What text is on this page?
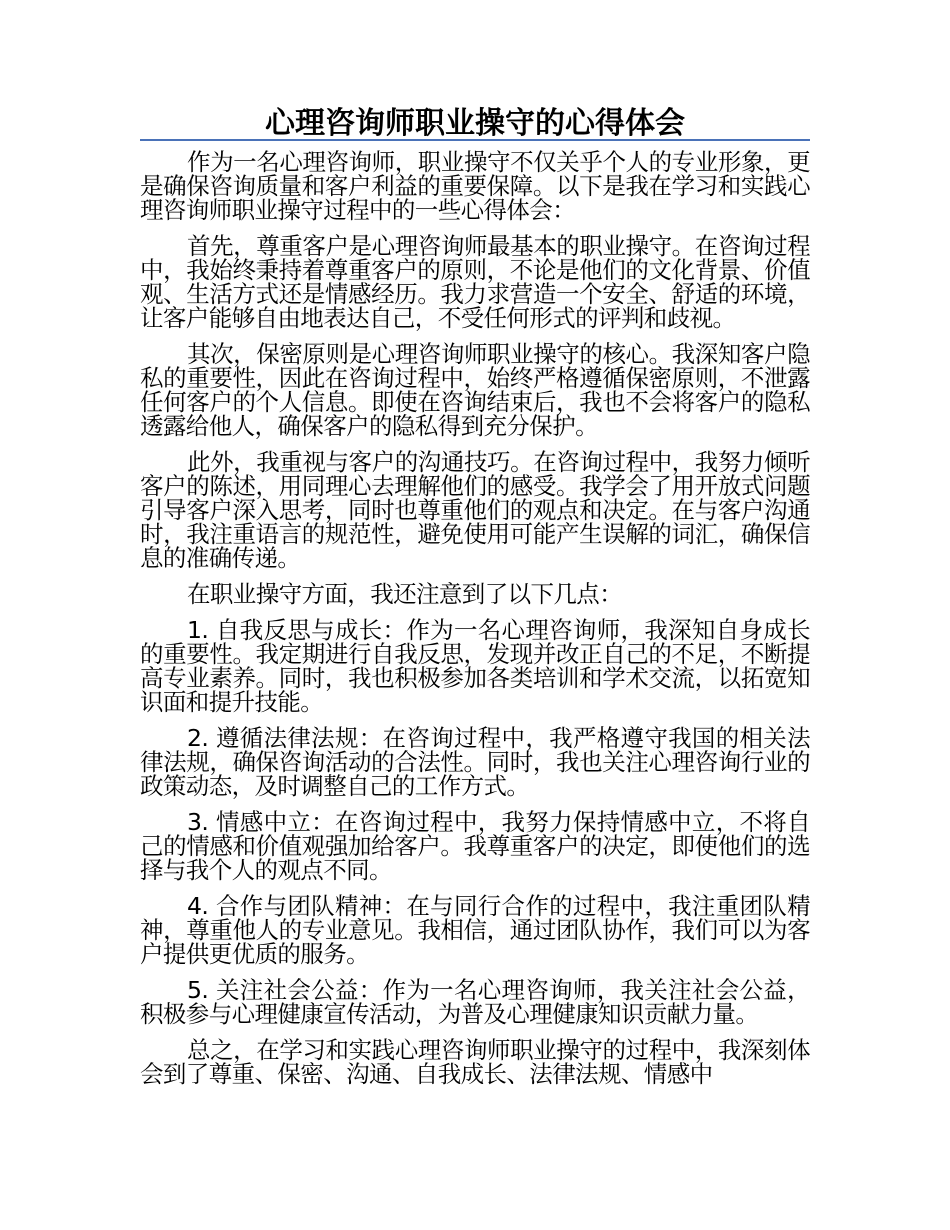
心理咨询师职业操守的心得体会

作为一名心理咨询师，职业操守不仅关乎个人的专业形象，更是确保咨询质量和客户利益的重要保障。以下是我在学习和实践心理咨询师职业操守过程中的一些心得体会：

首先，尊重客户是心理咨询师最基本的职业操守。在咨询过程中，我始终秉持着尊重客户的原则，不论是他们的文化背景、价值观、生活方式还是情感经历。我力求营造一个安全、舒适的环境，让客户能够自由地表达自己，不受任何形式的评判和歧视。

其次，保密原则是心理咨询师职业操守的核心。我深知客户隐私的重要性，因此在咨询过程中，始终严格遵循保密原则，不泄露任何客户的个人信息。即使在咨询结束后，我也不会将客户的隐私透露给他人，确保客户的隐私得到充分保护。

此外，我重视与客户的沟通技巧。在咨询过程中，我努力倾听客户的陈述，用同理心去理解他们的感受。我学会了用开放式问题引导客户深入思考，同时也尊重他们的观点和决定。在与客户沟通时，我注重语言的规范性，避免使用可能产生误解的词汇，确保信息的准确传递。

在职业操守方面，我还注意到了以下几点：

1. 自我反思与成长：作为一名心理咨询师，我深知自身成长的重要性。我定期进行自我反思，发现并改正自己的不足，不断提高专业素养。同时，我也积极参加各类培训和学术交流，以拓宽知识面和提升技能。

2. 遵循法律法规：在咨询过程中，我严格遵守我国的相关法律法规，确保咨询活动的合法性。同时，我也关注心理咨询行业的政策动态，及时调整自己的工作方式。

3. 情感中立：在咨询过程中，我努力保持情感中立，不将自己的情感和价值观强加给客户。我尊重客户的决定，即使他们的选择与我个人的观点不同。

4. 合作与团队精神：在与同行合作的过程中，我注重团队精神，尊重他人的专业意见。我相信，通过团队协作，我们可以为客户提供更优质的服务。

5. 关注社会公益：作为一名心理咨询师，我关注社会公益，积极参与心理健康宣传活动，为普及心理健康知识贡献力量。

总之，在学习和实践心理咨询师职业操守的过程中，我深刻体会到了尊重、保密、沟通、自我成长、法律法规、情感中
